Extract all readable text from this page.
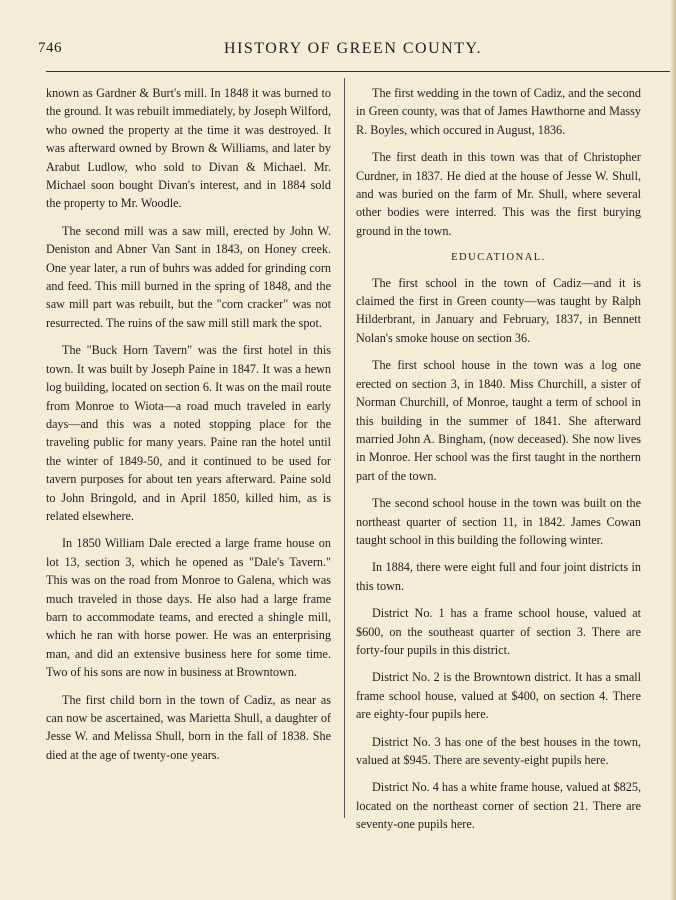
746	HISTORY OF GREEN COUNTY.

known as Gardner & Burt's mill. In 1848 it was burned to the ground. It was rebuilt immediately, by Joseph Wilford, who owned the property at the time it was destroyed. It was afterward owned by Brown & Williams, and later by Arabut Ludlow, who sold to Divan & Michael. Mr. Michael soon bought Divan's interest, and in 1884 sold the property to Mr. Woodle.

The second mill was a saw mill, erected by John W. Deniston and Abner Van Sant in 1843, on Honey creek. One year later, a run of buhrs was added for grinding corn and feed. This mill burned in the spring of 1848, and the saw mill part was rebuilt, but the "corn cracker" was not resurrected. The ruins of the saw mill still mark the spot.

The "Buck Horn Tavern" was the first hotel in this town. It was built by Joseph Paine in 1847. It was a hewn log building, located on section 6. It was on the mail route from Monroe to Wiota—a road much traveled in early days—and this was a noted stopping place for the traveling public for many years. Paine ran the hotel until the winter of 1849-50, and it continued to be used for tavern purposes for about ten years afterward. Paine sold to John Bringold, and in April 1850, killed him, as is related elsewhere.

In 1850 William Dale erected a large frame house on lot 13, section 3, which he opened as "Dale's Tavern." This was on the road from Monroe to Galena, which was much traveled in those days. He also had a large frame barn to accommodate teams, and erected a shingle mill, which he ran with horse power. He was an enterprising man, and did an extensive business here for some time. Two of his sons are now in business at Browntown.

The first child born in the town of Cadiz, as near as can now be ascertained, was Marietta Shull, a daughter of Jesse W. and Melissa Shull, born in the fall of 1838. She died at the age of twenty-one years.

The first wedding in the town of Cadiz, and the second in Green county, was that of James Hawthorne and Massy R. Boyles, which occured in August, 1836.

The first death in this town was that of Christopher Curdner, in 1837. He died at the house of Jesse W. Shull, and was buried on the farm of Mr. Shull, where several other bodies were interred. This was the first burying ground in the town.

EDUCATIONAL.

The first school in the town of Cadiz—and it is claimed the first in Green county—was taught by Ralph Hilderbrant, in January and February, 1837, in Bennett Nolan's smoke house on section 36.

The first school house in the town was a log one erected on section 3, in 1840. Miss Churchill, a sister of Norman Churchill, of Monroe, taught a term of school in this building in the summer of 1841. She afterward married John A. Bingham, (now deceased). She now lives in Monroe. Her school was the first taught in the northern part of the town.

The second school house in the town was built on the northeast quarter of section 11, in 1842. James Cowan taught school in this building the following winter.

In 1884, there were eight full and four joint districts in this town.

District No. 1 has a frame school house, valued at $600, on the southeast quarter of section 3. There are forty-four pupils in this district.

District No. 2 is the Browntown district. It has a small frame school house, valued at $400, on section 4. There are eighty-four pupils here.

District No. 3 has one of the best houses in the town, valued at $945. There are seventy-eight pupils here.

District No. 4 has a white frame house, valued at $825, located on the northeast corner of section 21. There are seventy-one pupils here.
